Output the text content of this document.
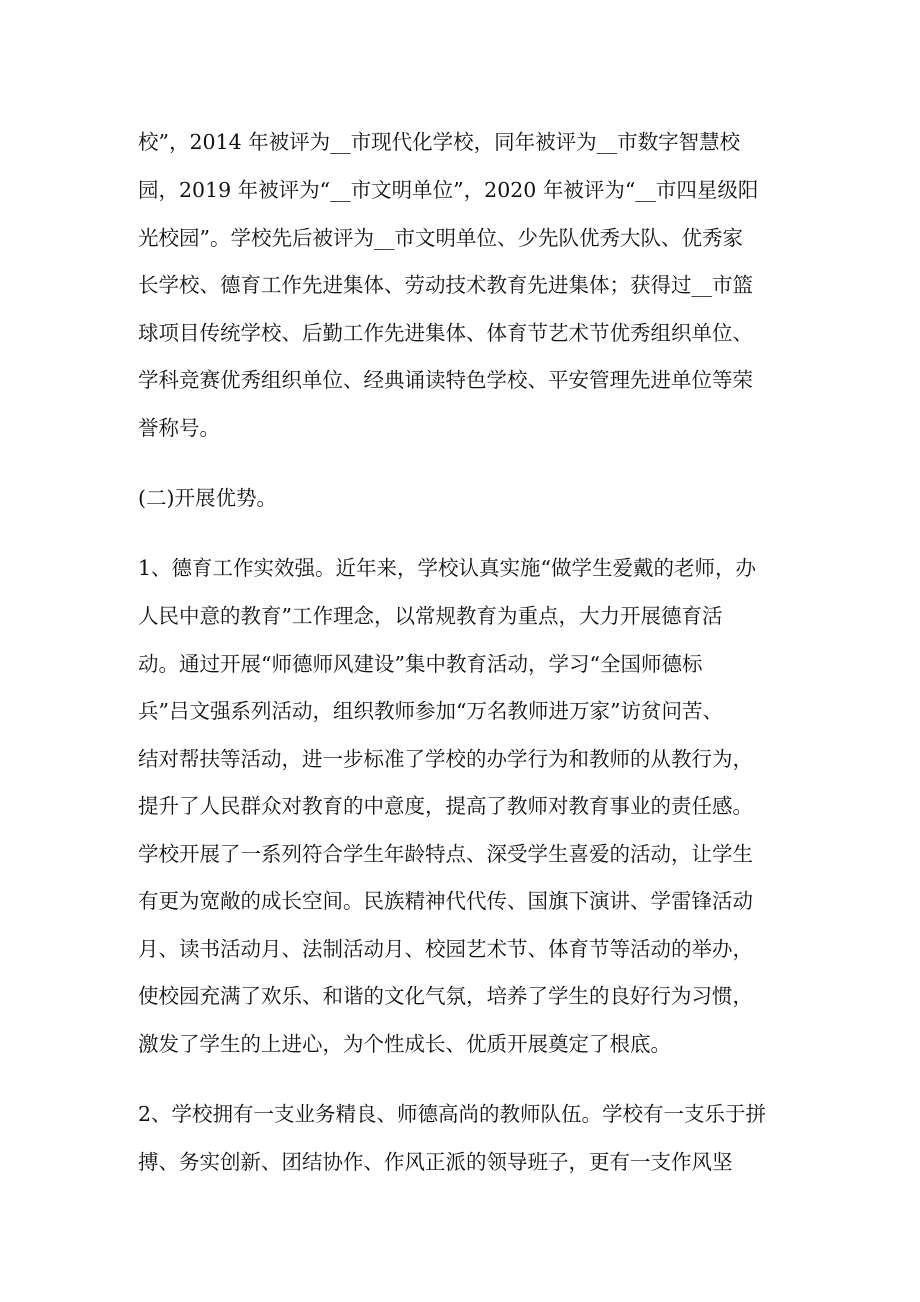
校”，2014 年被评为__市现代化学校，同年被评为__市数字智慧校
园，2019 年被评为“__市文明单位”，2020 年被评为“__市四星级阳
光校园”。学校先后被评为__市文明单位、少先队优秀大队、优秀家
长学校、德育工作先进集体、劳动技术教育先进集体；获得过__市篮
球项目传统学校、后勤工作先进集体、体育节艺术节优秀组织单位、
学科竞赛优秀组织单位、经典诵读特色学校、平安管理先进单位等荣
誉称号。
(二)开展优势。
1、德育工作实效强。近年来，学校认真实施“做学生爱戴的老师，办
人民中意的教育”工作理念，以常规教育为重点，大力开展德育活
动。通过开展“师德师风建设”集中教育活动，学习“全国师德标
兵”吕文强系列活动，组织教师参加“万名教师进万家”访贫问苦、
结对帮扶等活动，进一步标准了学校的办学行为和教师的从教行为，
提升了人民群众对教育的中意度，提高了教师对教育事业的责任感。
学校开展了一系列符合学生年龄特点、深受学生喜爱的活动，让学生
有更为宽敞的成长空间。民族精神代代传、国旗下演讲、学雷锋活动
月、读书活动月、法制活动月、校园艺术节、体育节等活动的举办，
使校园充满了欢乐、和谐的文化气氛，培养了学生的良好行为习惯，
激发了学生的上进心，为个性成长、优质开展奠定了根底。
2、学校拥有一支业务精良、师德高尚的教师队伍。学校有一支乐于拼
搏、务实创新、团结协作、作风正派的领导班子，更有一支作风坚
